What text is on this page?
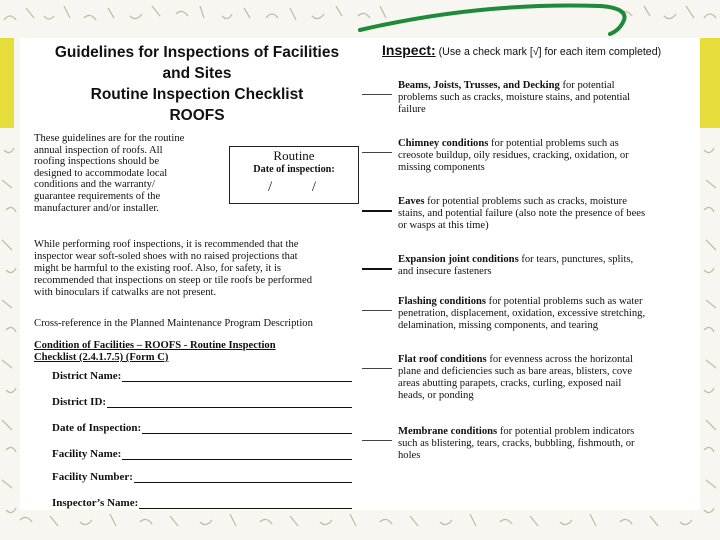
Guidelines for Inspections of Facilities
and Sites
Routine Inspection Checklist
ROOFS
These guidelines are for the routine
annual inspection of roofs. All
roofing inspections should be
designed to accommodate local
conditions and the warranty/
guarantee requirements of the
manufacturer and/or installer.
Routine
Date of inspection:
/ /
While performing roof inspections, it is recommended that the
inspector wear soft-soled shoes with no raised projections that
might be harmful to the existing roof. Also, for safety, it is
recommended that inspections on steep or tile roofs be performed
with binoculars if catwalks are not present.
Cross-reference in the Planned Maintenance Program Description
Condition of Facilities – ROOFS - Routine Inspection
Checklist (2.4.1.7.5) (Form C)
District Name:
District ID:
Date of Inspection:
Facility Name:
Facility Number:
Inspector’s Name:
Inspect: (Use a check mark [√] for each item completed)
Beams, Joists, Trusses, and Decking for potential
problems such as cracks, moisture stains, and potential
failure
Chimney conditions for potential problems such as
creosote buildup, oily residues, cracking, oxidation, or
missing components
Eaves for potential problems such as cracks, moisture
stains, and potential failure (also note the presence of bees
or wasps at this time)
Expansion joint conditions for tears, punctures, splits,
and insecure fasteners
Flashing conditions for potential problems such as water
penetration, displacement, oxidation, excessive stretching,
delamination, missing components, and tearing
Flat roof conditions for evenness across the horizontal
plane and deficiencies such as bare areas, blisters, cove
areas abutting parapets, cracks, curling, exposed nail
heads, or ponding
Membrane conditions for potential problem indicators
such as blistering, tears, cracks, bubbling, fishmouth, or
holes
